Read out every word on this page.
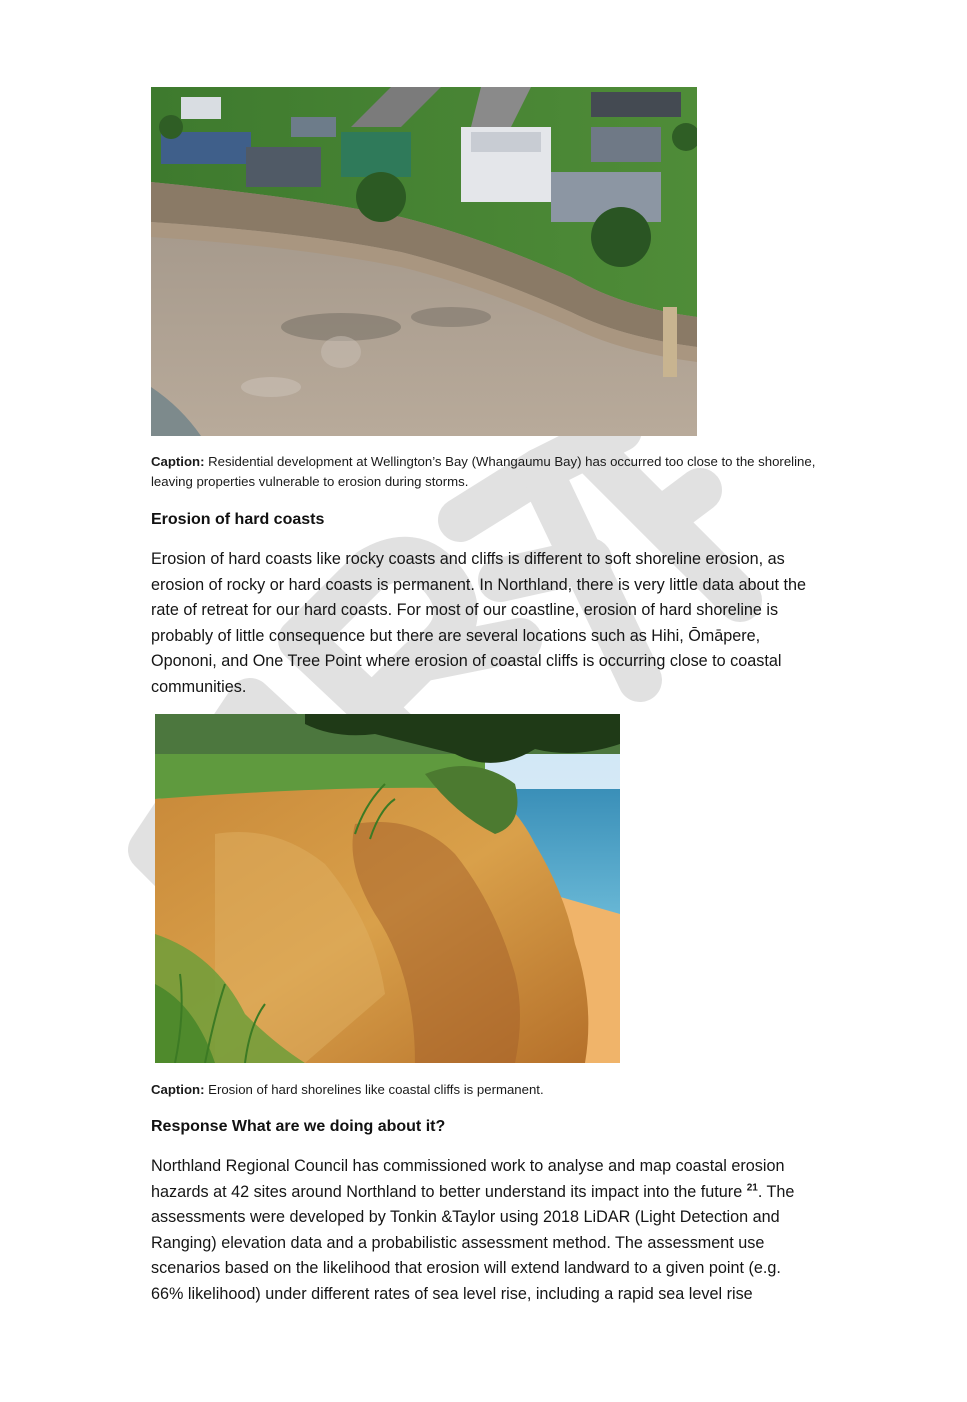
Caption: Residential development at Wellington’s Bay (Whangaumu Bay) has occurred too close to the shoreline,
leaving properties vulnerable to erosion during storms.
Erosion of hard coasts
Erosion of hard coasts like rocky coasts and cliffs is different to soft shoreline erosion, as
erosion of rocky or hard coasts is permanent. In Northland, there is very little data about the
rate of retreat for our hard coasts. For most of our coastline, erosion of hard shoreline is
probably of little consequence but there are several locations such as Hihi, Ōmāpere,
Opononi, and One Tree Point where erosion of coastal cliffs is occurring close to coastal
communities.
Caption: Erosion of hard shorelines like coastal cliffs is permanent.
Response What are we doing about it?
Northland Regional Council has commissioned work to analyse and map coastal erosion
hazards at 42 sites around Northland to better understand its impact into the future $^{21}$. The
assessments were developed by Tonkin &Taylor using 2018 LiDAR (Light Detection and
Ranging) elevation data and a probabilistic assessment method. The assessment use
scenarios based on the likelihood that erosion will extend landward to a given point (e.g.
66% likelihood) under different rates of sea level rise, including a rapid sea level rise
